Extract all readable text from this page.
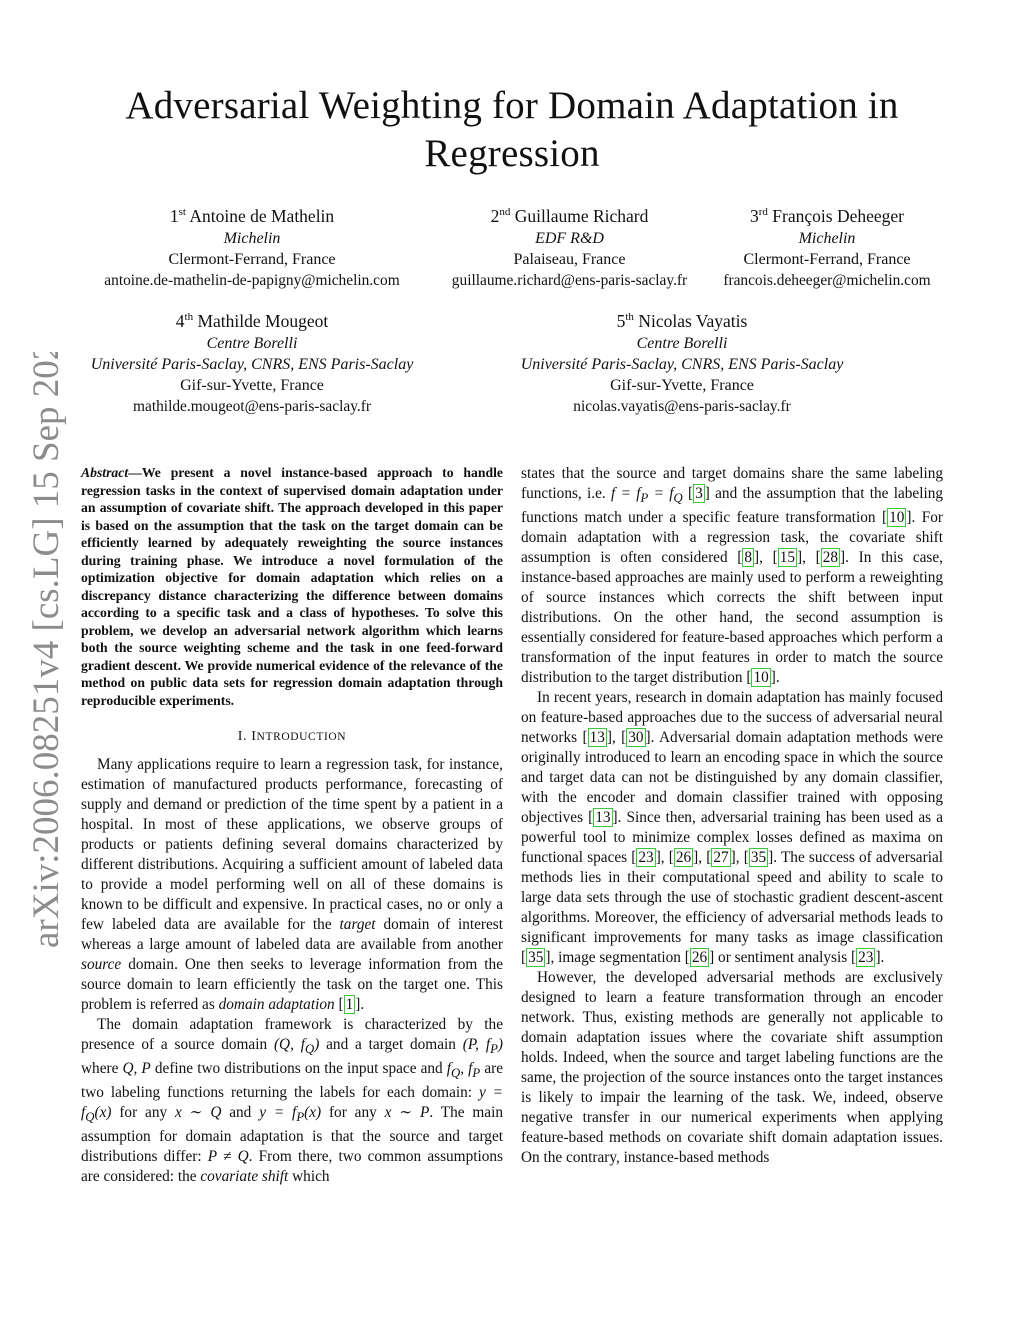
arXiv:2006.08251v4 [cs.LG] 15 Sep 2021
Adversarial Weighting for Domain Adaptation in
Regression
1st Antoine de Mathelin
Michelin
Clermont-Ferrand, France
antoine.de-mathelin-de-papigny@michelin.com
2nd Guillaume Richard
EDF R&D
Palaiseau, France
guillaume.richard@ens-paris-saclay.fr
3rd François Deheeger
Michelin
Clermont-Ferrand, France
francois.deheeger@michelin.com
4th Mathilde Mougeot
Centre Borelli
Université Paris-Saclay, CNRS, ENS Paris-Saclay
Gif-sur-Yvette, France
mathilde.mougeot@ens-paris-saclay.fr
5th Nicolas Vayatis
Centre Borelli
Université Paris-Saclay, CNRS, ENS Paris-Saclay
Gif-sur-Yvette, France
nicolas.vayatis@ens-paris-saclay.fr

Abstract—We present a novel instance-based approach to handle regression tasks in the context of supervised domain adaptation under an assumption of covariate shift. The approach developed in this paper is based on the assumption that the task on the target domain can be efficiently learned by adequately reweighting the source instances during training phase. We introduce a novel formulation of the optimization objective for domain adaptation which relies on a discrepancy distance characterizing the difference between domains according to a specific task and a class of hypotheses. To solve this problem, we develop an adversarial network algorithm which learns both the source weighting scheme and the task in one feed-forward gradient descent. We provide numerical evidence of the relevance of the method on public data sets for regression domain adaptation through reproducible experiments.

I. INTRODUCTION

Many applications require to learn a regression task, for instance, estimation of manufactured products performance, forecasting of supply and demand or prediction of the time spent by a patient in a hospital. In most of these applications, we observe groups of products or patients defining several domains characterized by different distributions. Acquiring a sufficient amount of labeled data to provide a model performing well on all of these domains is known to be difficult and expensive. In practical cases, no or only a few labeled data are available for the target domain of interest whereas a large amount of labeled data are available from another source domain. One then seeks to leverage information from the source domain to learn efficiently the task on the target one. This problem is referred as domain adaptation [ 1 ].

The domain adaptation framework is characterized by the presence of a source domain (Q, $f_Q$) and a target domain (P, $f_P$) where Q, P define two distributions on the input space and $f_Q$, $f_P$ are two labeling functions returning the labels for each domain: $y = f_Q(x)$ for any x ∼ Q and $y = f_P(x)$ for any x ∼ P. The main assumption for domain adaptation is that the source and target distributions differ: P ≠ Q. From there, two common assumptions are considered: the covariate shift which

states that the source and target domains share the same labeling functions, i.e. $f = f_P = f_Q$ [ 3 ] and the assumption that the labeling functions match under a specific feature transformation [ 10 ]. For domain adaptation with a regression task, the covariate shift assumption is often considered [ 8 ], [ 15 ], [ 28 ]. In this case, instance-based approaches are mainly used to perform a reweighting of source instances which corrects the shift between input distributions. On the other hand, the second assumption is essentially considered for feature-based approaches which perform a transformation of the input features in order to match the source distribution to the target distribution [ 10 ].

In recent years, research in domain adaptation has mainly focused on feature-based approaches due to the success of adversarial neural networks [ 13 ], [ 30 ]. Adversarial domain adaptation methods were originally introduced to learn an encoding space in which the source and target data can not be distinguished by any domain classifier, with the encoder and domain classifier trained with opposing objectives [ 13 ]. Since then, adversarial training has been used as a powerful tool to minimize complex losses defined as maxima on functional spaces [ 23 ], [ 26 ], [ 27 ], [ 35 ]. The success of adversarial methods lies in their computational speed and ability to scale to large data sets through the use of stochastic gradient descent-ascent algorithms. Moreover, the efficiency of adversarial methods leads to significant improvements for many tasks as image classification [ 35 ], image segmentation [ 26 ] or sentiment analysis [ 23 ].

However, the developed adversarial methods are exclusively designed to learn a feature transformation through an encoder network. Thus, existing methods are generally not applicable to domain adaptation issues where the covariate shift assumption holds. Indeed, when the source and target labeling functions are the same, the projection of the source instances onto the target instances is likely to impair the learning of the task. We, indeed, observe negative transfer in our numerical experiments when applying feature-based methods on covariate shift domain adaptation issues. On the contrary, instance-based methods
